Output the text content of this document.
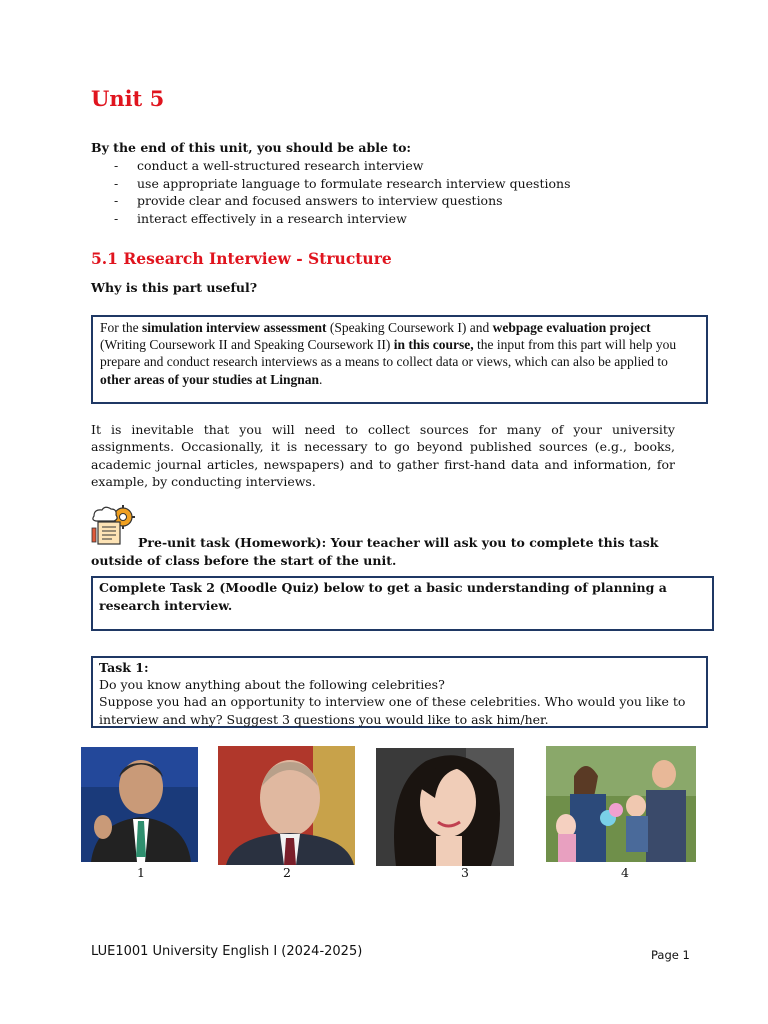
Unit 5

By the end of this unit, you should be able to:

- conduct a well-structured research interview
- use appropriate language to formulate research interview questions
- provide clear and focused answers to interview questions
- interact effectively in a research interview
5.1 Research Interview - Structure

Why is this part useful?

For the simulation interview assessment (Speaking Coursework I) and webpage evaluation project (Writing Coursework II and Speaking Coursework II) in this course, the input from this part will help you prepare and conduct research interviews as a means to collect data or views, which can also be applied to other areas of your studies at Lingnan.

It is inevitable that you will need to collect sources for many of your university assignments. Occasionally, it is necessary to go beyond published sources (e.g., books, academic journal articles, newspapers) and to gather first-hand data and information, for example, by conducting interviews.

Pre-unit task (Homework): Your teacher will ask you to complete this task outside of class before the start of the unit.

Complete Task 2 (Moodle Quiz) below to get a basic understanding of planning a research interview.
Task 1:
Do you know anything about the following celebrities?
Suppose you had an opportunity to interview one of these celebrities. Who would you like to interview and why? Suggest 3 questions you would like to ask him/her.
1	2	3	4

LUE1001 University English I (2024-2025)	Page 1
